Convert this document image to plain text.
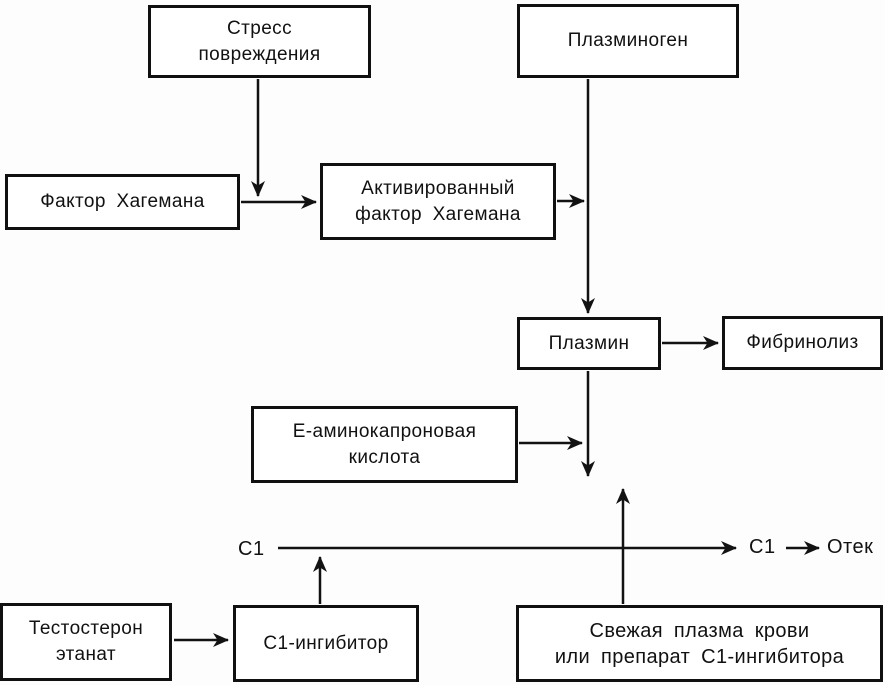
Стресс
повреждения
Плазминоген
Фактор Хагемана
Активированный
фактор Хагемана
Плазмин	Фибринолиз
Е-аминокапроновая
кислота
Тестостерон
этанат
С1-ингибитор
Свежая плазма крови
или препарат С1-ингибитора
С1	С1	Отек
